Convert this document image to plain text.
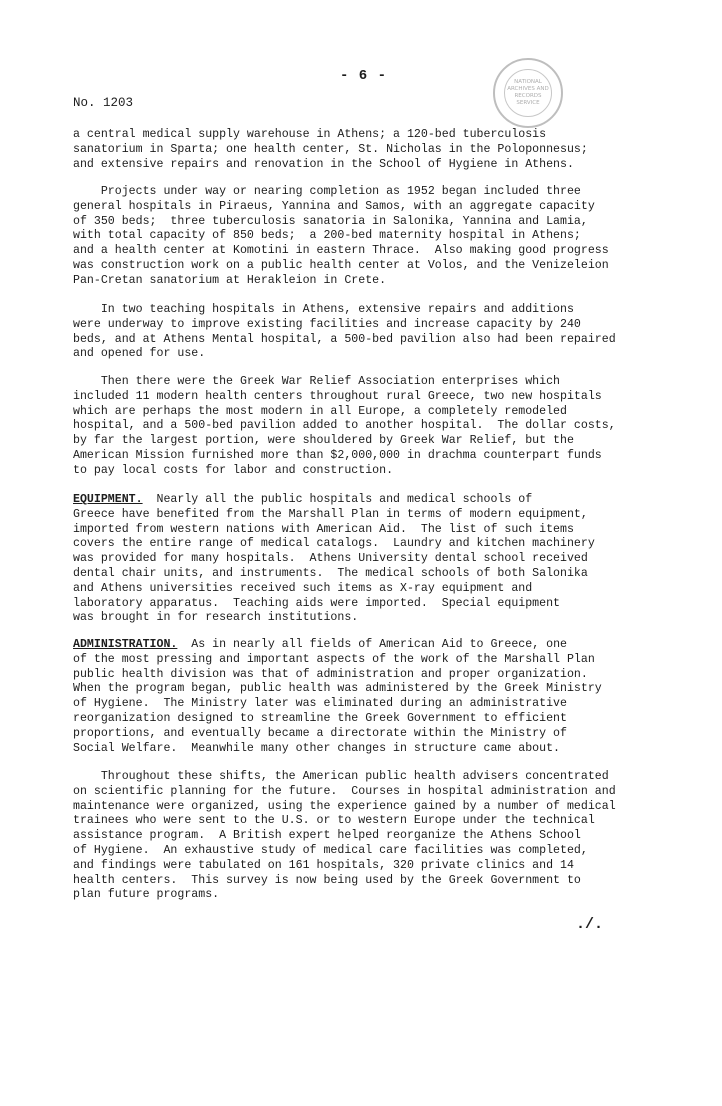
- 6 -	NATIONAL
ARCHIVES AND
RECORDS
SERVICE
No. 1203

a central medical supply warehouse in Athens; a 120-bed tuberculosis
sanatorium in Sparta; one health center, St. Nicholas in the Poloponnesus;
and extensive repairs and renovation in the School of Hygiene in Athens.

Projects under way or nearing completion as 1952 began included three
general hospitals in Piraeus, Yannina and Samos, with an aggregate capacity
of 350 beds;  three tuberculosis sanatoria in Salonika, Yannina and Lamia,
with total capacity of 850 beds;  a 200-bed maternity hospital in Athens;
and a health center at Komotini in eastern Thrace.  Also making good progress
was construction work on a public health center at Volos, and the Venizeleion
Pan-Cretan sanatorium at Herakleion in Crete.

In two teaching hospitals in Athens, extensive repairs and additions
were underway to improve existing facilities and increase capacity by 240
beds, and at Athens Mental hospital, a 500-bed pavilion also had been repaired
and opened for use.

Then there were the Greek War Relief Association enterprises which
included 11 modern health centers throughout rural Greece, two new hospitals
which are perhaps the most modern in all Europe, a completely remodeled
hospital, and a 500-bed pavilion added to another hospital.  The dollar costs,
by far the largest portion, were shouldered by Greek War Relief, but the
American Mission furnished more than $2,000,000 in drachma counterpart funds
to pay local costs for labor and construction.

EQUIPMENT.  Nearly all the public hospitals and medical schools of
Greece have benefited from the Marshall Plan in terms of modern equipment,
imported from western nations with American Aid.  The list of such items
covers the entire range of medical catalogs.  Laundry and kitchen machinery
was provided for many hospitals.  Athens University dental school received
dental chair units, and instruments.  The medical schools of both Salonika
and Athens universities received such items as X-ray equipment and
laboratory apparatus.  Teaching aids were imported.  Special equipment
was brought in for research institutions.

ADMINISTRATION.  As in nearly all fields of American Aid to Greece, one
of the most pressing and important aspects of the work of the Marshall Plan
public health division was that of administration and proper organization.
When the program began, public health was administered by the Greek Ministry
of Hygiene.  The Ministry later was eliminated during an administrative
reorganization designed to streamline the Greek Government to efficient
proportions, and eventually became a directorate within the Ministry of
Social Welfare.  Meanwhile many other changes in structure came about.

Throughout these shifts, the American public health advisers concentrated
on scientific planning for the future.  Courses in hospital administration and
maintenance were organized, using the experience gained by a number of medical
trainees who were sent to the U.S. or to western Europe under the technical
assistance program.  A British expert helped reorganize the Athens School
of Hygiene.  An exhaustive study of medical care facilities was completed,
and findings were tabulated on 161 hospitals, 320 private clinics and 14
health centers.  This survey is now being used by the Greek Government to
plan future programs.

./.
